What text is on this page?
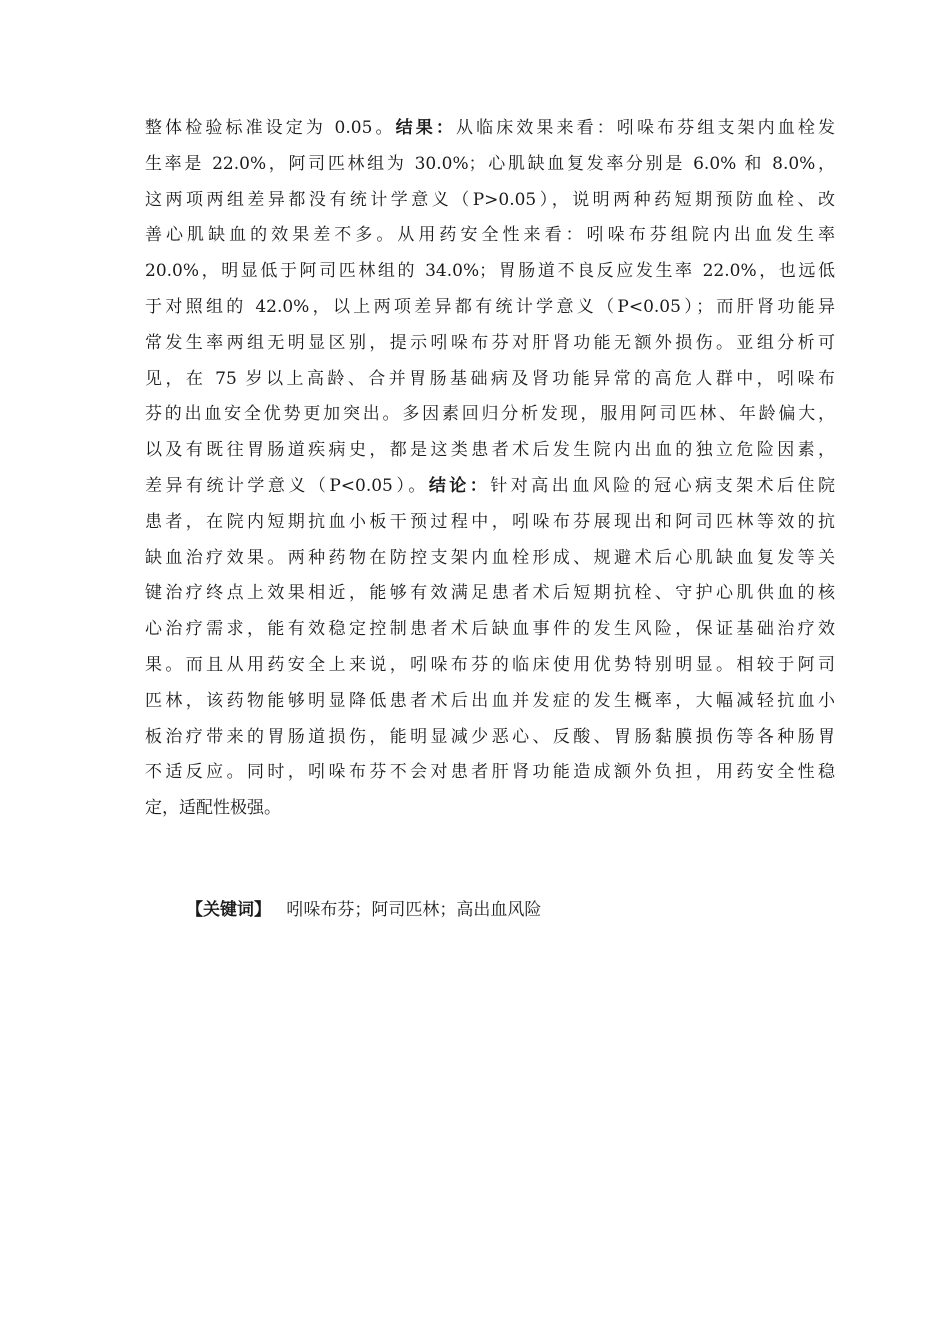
整体检验标准设定为 0.05。结果：从临床效果来看：吲哚布芬组支架内血栓发
生率是 22.0%，阿司匹林组为 30.0%；心肌缺血复发率分别是 6.0% 和 8.0%，
这两项两组差异都没有统计学意义（P>0.05），说明两种药短期预防血栓、改
善心肌缺血的效果差不多。从用药安全性来看：吲哚布芬组院内出血发生率
20.0%，明显低于阿司匹林组的 34.0%；胃肠道不良反应发生率 22.0%，也远低
于对照组的 42.0%，以上两项差异都有统计学意义（P<0.05）；而肝肾功能异
常发生率两组无明显区别，提示吲哚布芬对肝肾功能无额外损伤。亚组分析可
见，在 75 岁以上高龄、合并胃肠基础病及肾功能异常的高危人群中，吲哚布
芬的出血安全优势更加突出。多因素回归分析发现，服用阿司匹林、年龄偏大，
以及有既往胃肠道疾病史，都是这类患者术后发生院内出血的独立危险因素，
差异有统计学意义（P<0.05）。结论：针对高出血风险的冠心病支架术后住院
患者，在院内短期抗血小板干预过程中，吲哚布芬展现出和阿司匹林等效的抗
缺血治疗效果。两种药物在防控支架内血栓形成、规避术后心肌缺血复发等关
键治疗终点上效果相近，能够有效满足患者术后短期抗栓、守护心肌供血的核
心治疗需求，能有效稳定控制患者术后缺血事件的发生风险，保证基础治疗效
果。而且从用药安全上来说，吲哚布芬的临床使用优势特别明显。相较于阿司
匹林，该药物能够明显降低患者术后出血并发症的发生概率，大幅减轻抗血小
板治疗带来的胃肠道损伤，能明显减少恶心、反酸、胃肠黏膜损伤等各种肠胃
不适反应。同时，吲哚布芬不会对患者肝肾功能造成额外负担，用药安全性稳
定，适配性极强。
【关键词】 吲哚布芬；阿司匹林；高出血风险
